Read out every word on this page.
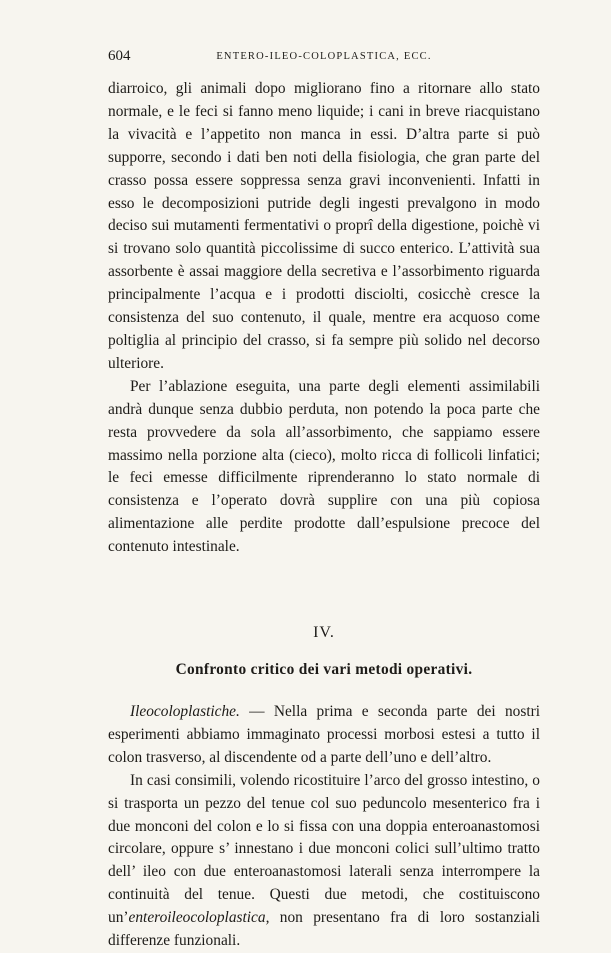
604	ENTERO-ILEO-COLOPLASTICA, ECC.

diarroico, gli animali dopo migliorano fino a ritornare allo stato normale, e le feci si fanno meno liquide; i cani in breve riacquistano la vivacità e l’appetito non manca in essi. D’altra parte si può supporre, secondo i dati ben noti della fisiologia, che gran parte del crasso possa essere soppressa senza gravi inconvenienti. Infatti in esso le decomposizioni putride degli ingesti prevalgono in modo deciso sui mutamenti fermentativi o proprî della digestione, poichè vi si trovano solo quantità piccolissime di succo enterico. L’attività sua assorbente è assai maggiore della secretiva e l’assorbimento riguarda principalmente l’acqua e i prodotti disciolti, cosicchè cresce la consistenza del suo contenuto, il quale, mentre era acquoso come poltiglia al principio del crasso, si fa sempre più solido nel decorso ulteriore.

Per l’ablazione eseguita, una parte degli elementi assimilabili andrà dunque senza dubbio perduta, non potendo la poca parte che resta provvedere da sola all’assorbimento, che sappiamo essere massimo nella porzione alta (cieco), molto ricca di follicoli linfatici; le feci emesse difficilmente riprenderanno lo stato normale di consistenza e l’operato dovrà supplire con una più copiosa alimentazione alle perdite prodotte dall’espulsione precoce del contenuto intestinale.

IV.
Confronto critico dei vari metodi operativi.

Ileocoloplastiche. — Nella prima e seconda parte dei nostri esperimenti abbiamo immaginato processi morbosi estesi a tutto il colon trasverso, al discendente od a parte dell’uno e dell’altro.

In casi consimili, volendo ricostituire l’arco del grosso intestino, o si trasporta un pezzo del tenue col suo peduncolo mesenterico fra i due monconi del colon e lo si fissa con una doppia enteroanastomosi circolare, oppure s’ innestano i due monconi colici sull’ultimo tratto dell’ ileo con due enteroanastomosi laterali senza interrompere la continuità del tenue. Questi due metodi, che costituiscono un’enteroileocoloplastica, non presentano fra di loro sostanziali differenze funzionali.
